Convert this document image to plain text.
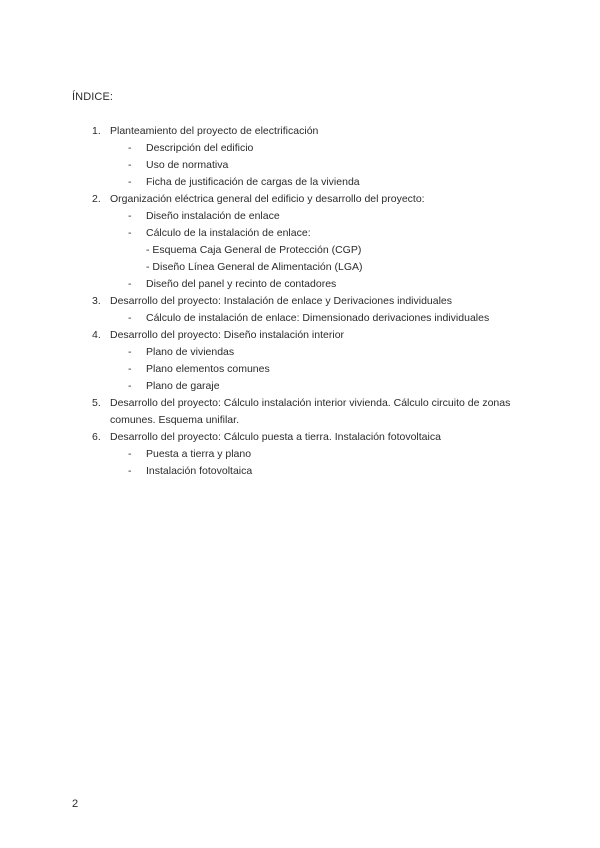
ÍNDICE:
1. Planteamiento del proyecto de electrificación
- Descripción del edificio
- Uso de normativa
- Ficha de justificación de cargas de la vivienda
2. Organización eléctrica general del edificio y desarrollo del proyecto:
- Diseño instalación de enlace
- Cálculo de la instalación de enlace:
- Esquema Caja General de Protección (CGP)
- Diseño Línea General de Alimentación (LGA)
- Diseño del panel y recinto de contadores
3. Desarrollo del proyecto: Instalación de enlace y Derivaciones individuales
- Cálculo de instalación de enlace: Dimensionado derivaciones individuales
4. Desarrollo del proyecto: Diseño instalación interior
- Plano de viviendas
- Plano elementos comunes
- Plano de garaje
5. Desarrollo del proyecto: Cálculo instalación interior vivienda. Cálculo circuito de zonas
comunes. Esquema unifilar.
6. Desarrollo del proyecto: Cálculo puesta a tierra. Instalación fotovoltaica
- Puesta a tierra y plano
- Instalación fotovoltaica
2
